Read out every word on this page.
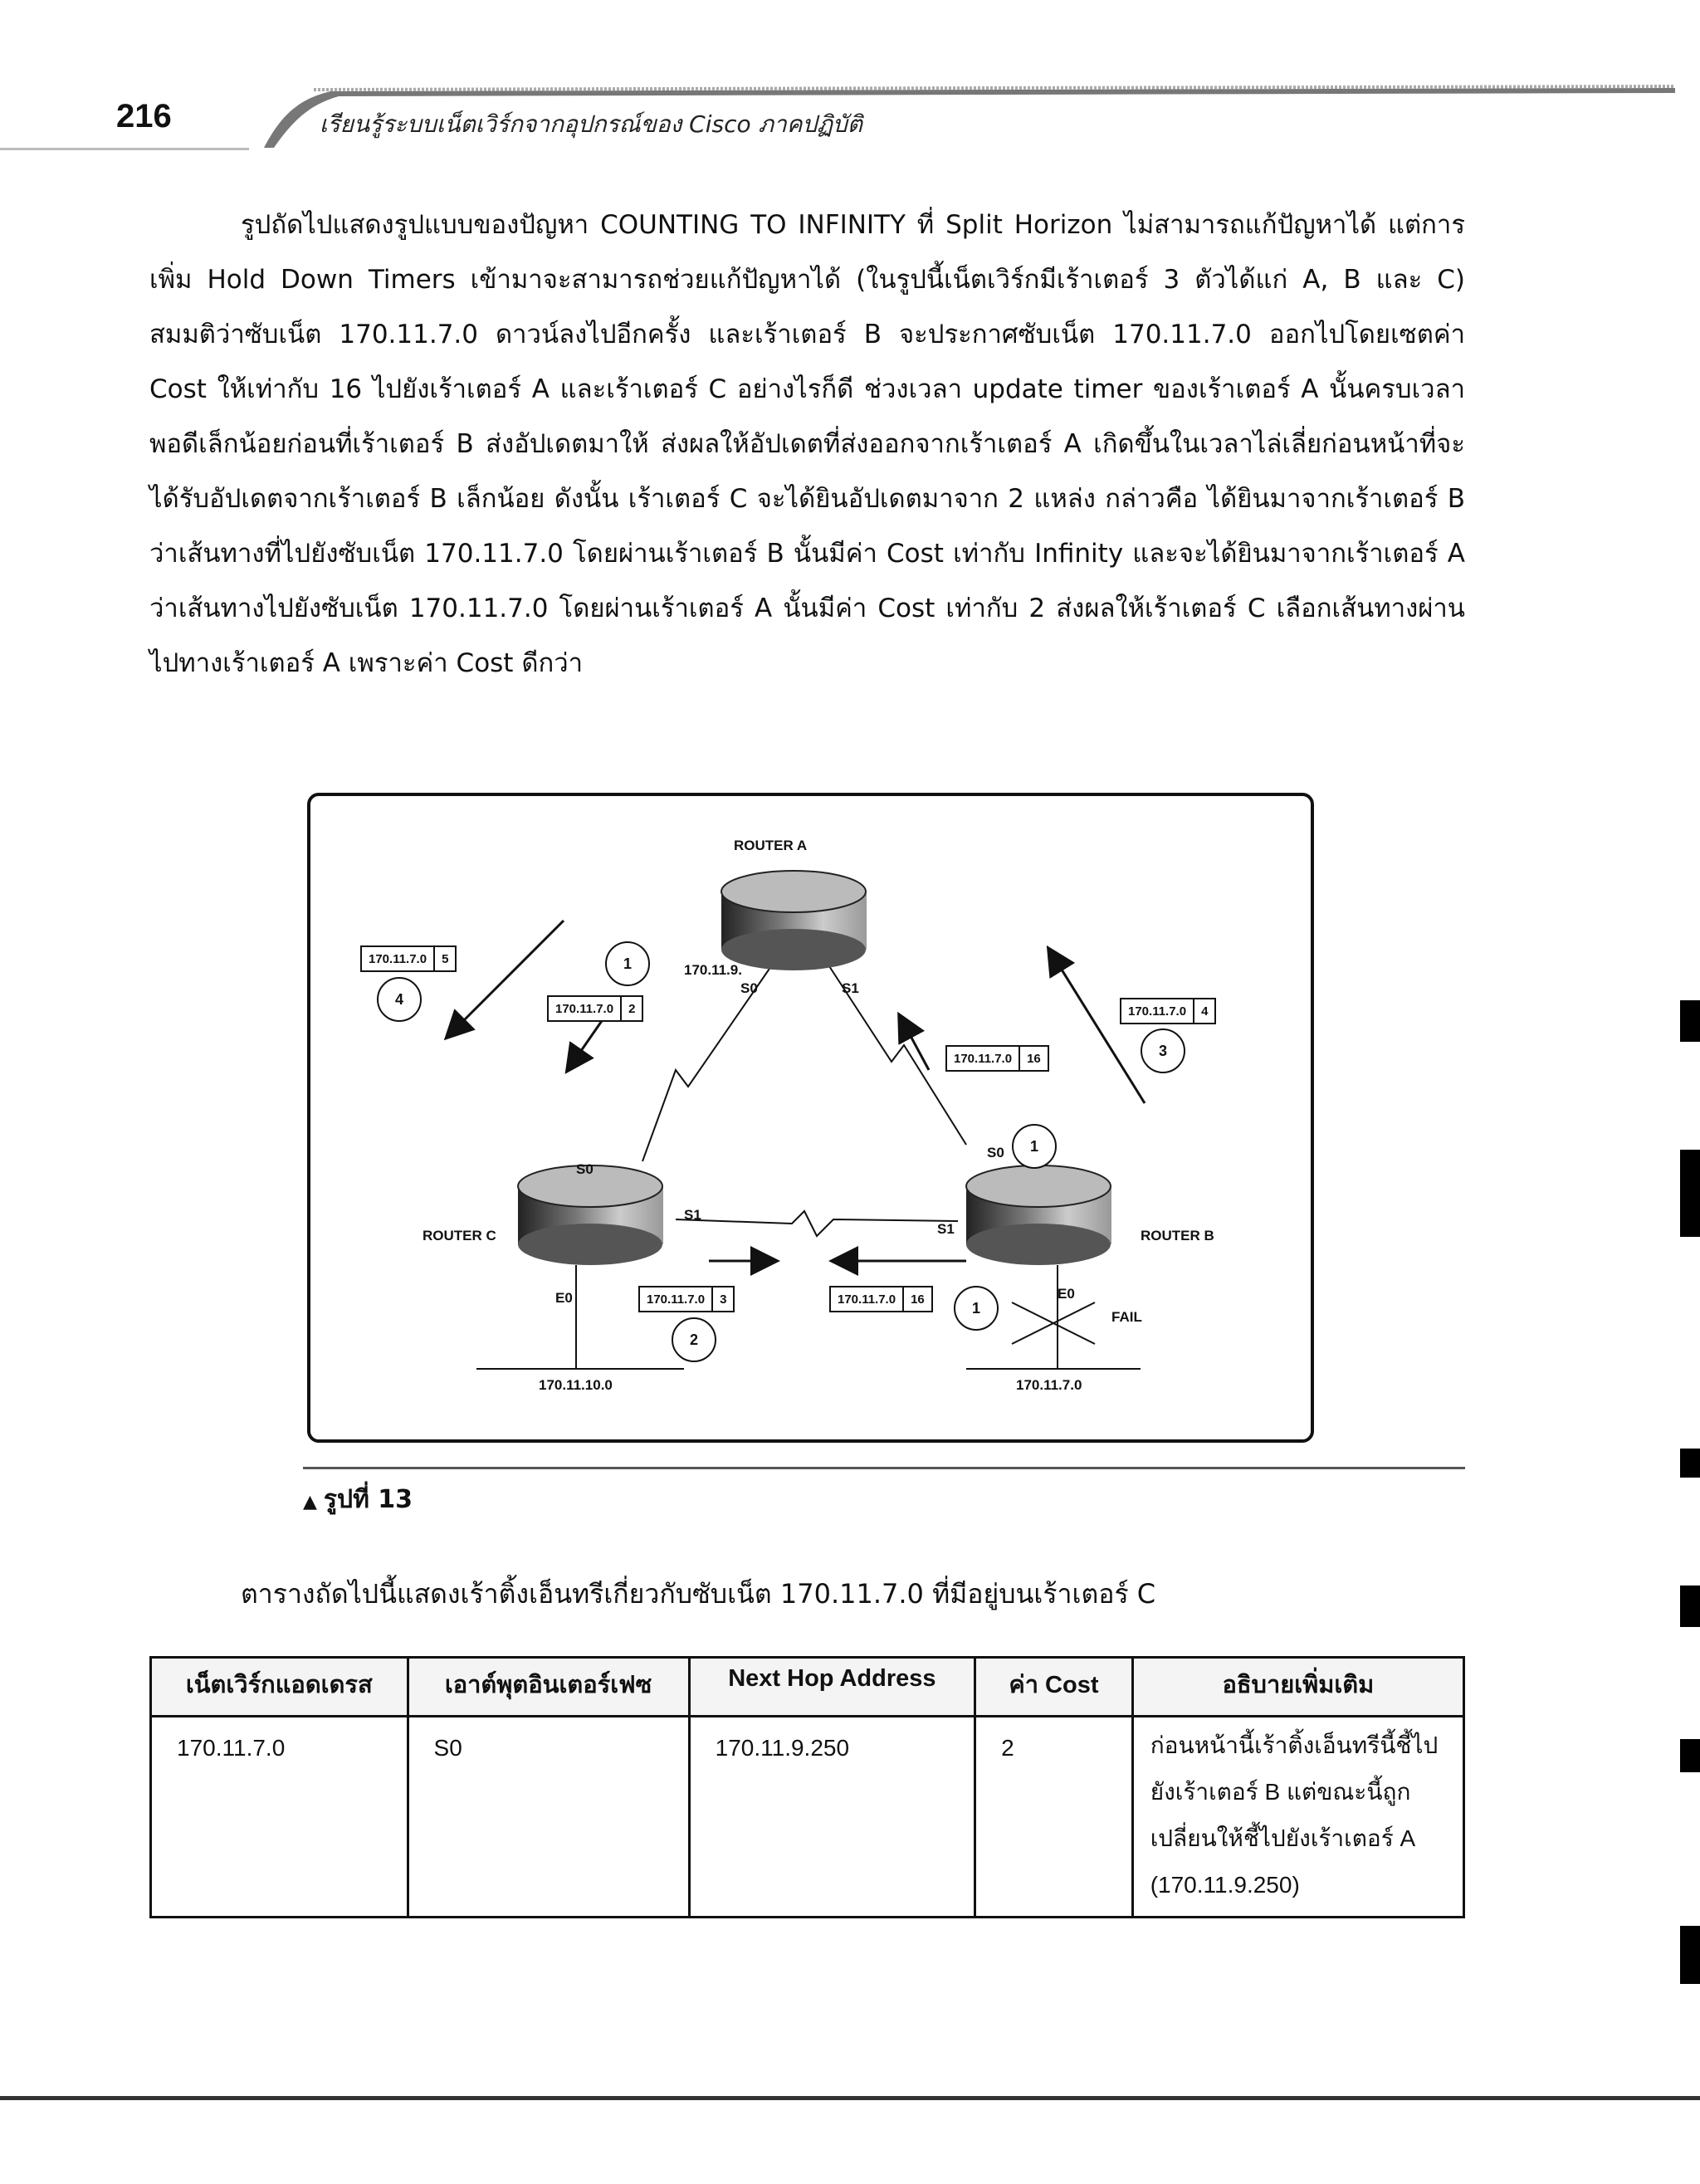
216	เรียนรู้ระบบเน็ตเวิร์กจากอุปกรณ์ของ Cisco ภาคปฏิบัติ

รูปถัดไปแสดงรูปแบบของปัญหา COUNTING TO INFINITY ที่ Split Horizon ไม่สามารถแก้ปัญหาได้ แต่การเพิ่ม Hold Down Timers เข้ามาจะสามารถช่วยแก้ปัญหาได้ (ในรูปนี้เน็ตเวิร์กมีเร้าเตอร์ 3 ตัวได้แก่ A, B และ C) สมมติว่าซับเน็ต 170.11.7.0 ดาวน์ลงไปอีกครั้ง และเร้าเตอร์ B จะประกาศซับเน็ต 170.11.7.0 ออกไปโดยเซตค่า Cost ให้เท่ากับ 16 ไปยังเร้าเตอร์ A และเร้าเตอร์ C อย่างไรก็ดี ช่วงเวลา update timer ของเร้าเตอร์ A นั้นครบเวลาพอดีเล็กน้อยก่อนที่เร้าเตอร์ B ส่งอัปเดตมาให้ ส่งผลให้อัปเดตที่ส่งออกจากเร้าเตอร์ A เกิดขึ้นในเวลาไล่เลี่ยก่อนหน้าที่จะได้รับอัปเดตจากเร้าเตอร์ B เล็กน้อย ดังนั้น เร้าเตอร์ C จะได้ยินอัปเดตมาจาก 2 แหล่ง กล่าวคือ ได้ยินมาจากเร้าเตอร์ B ว่าเส้นทางที่ไปยังซับเน็ต 170.11.7.0 โดยผ่านเร้าเตอร์ B นั้นมีค่า Cost เท่ากับ Infinity และจะได้ยินมาจากเร้าเตอร์ A ว่าเส้นทางไปยังซับเน็ต 170.11.7.0 โดยผ่านเร้าเตอร์ A นั้นมีค่า Cost เท่ากับ 2 ส่งผลให้เร้าเตอร์ C เลือกเส้นทางผ่านไปทางเร้าเตอร์ A เพราะค่า Cost ดีกว่า

ROUTER A
170.11.9.
S0	S1
ROUTER B
S0
S1
E0
FAIL
ROUTER C
S0
S1
E0
170.11.10.0	170.11.7.0
170.11.7.0	5
170.11.7.0	2
170.11.7.0	16
170.11.7.0	4
170.11.7.0	3	170.11.7.0	16
4
1
3
1
2
1
▲ รูปที่ 13
ตารางถัดไปนี้แสดงเร้าติ้งเอ็นทรีเกี่ยวกับซับเน็ต 170.11.7.0 ที่มีอยู่บนเร้าเตอร์ C
เน็ตเวิร์กแอดเดรส	เอาต์พุตอินเตอร์เฟซ	Next Hop Address	ค่า Cost	อธิบายเพิ่มเติม
170.11.7.0	S0	170.11.9.250	2	ก่อนหน้านี้เร้าติ้งเอ็นทรีนี้ชี้ไปยังเร้าเตอร์ B แต่ขณะนี้ถูกเปลี่ยนให้ชี้ไปยังเร้าเตอร์ A (170.11.9.250)
